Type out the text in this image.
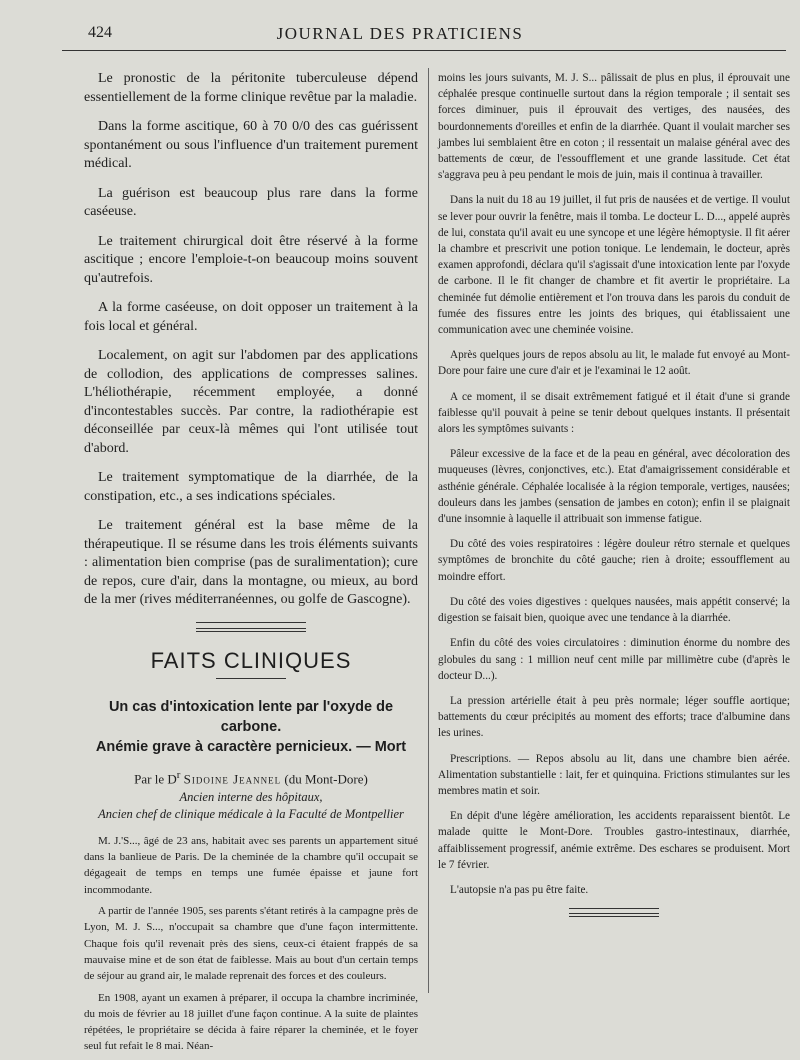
424	JOURNAL DES PRATICIENS

Le pronostic de la péritonite tuberculeuse dépend essentiellement de la forme clinique revêtue par la maladie.

Dans la forme ascitique, 60 à 70 0/0 des cas guérissent spontanément ou sous l'influence d'un traitement purement médical.

La guérison est beaucoup plus rare dans la forme caséeuse.

Le traitement chirurgical doit être réservé à la forme ascitique ; encore l'emploie-t-on beaucoup moins souvent qu'autrefois.

A la forme caséeuse, on doit opposer un traitement à la fois local et général.

Localement, on agit sur l'abdomen par des applications de collodion, des applications de compresses salines. L'héliothérapie, récemment employée, a donné d'incontestables succès. Par contre, la radiothérapie est déconseillée par ceux-là mêmes qui l'ont utilisée tout d'abord.

Le traitement symptomatique de la diarrhée, de la constipation, etc., a ses indications spéciales.

Le traitement général est la base même de la thérapeutique. Il se résume dans les trois éléments suivants : alimentation bien comprise (pas de suralimentation); cure de repos, cure d'air, dans la montagne, ou mieux, au bord de la mer (rives méditerranéennes, ou golfe de Gascogne).

FAITS CLINIQUES
Un cas d'intoxication lente par l'oxyde de carbone.
Anémie grave à caractère pernicieux. — Mort

Par le $D^r$ Sidoine Jeannel (du Mont-Dore)

Ancien interne des hôpitaux,

Ancien chef de clinique médicale à la Faculté de Montpellier

M. J.'S..., âgé de 23 ans, habitait avec ses parents un appartement situé dans la banlieue de Paris. De la cheminée de la chambre qu'il occupait se dégageait de temps en temps une fumée épaisse et jaune fort incommodante.

A partir de l'année 1905, ses parents s'étant retirés à la campagne près de Lyon, M. J. S..., n'occupait sa chambre que d'une façon intermittente. Chaque fois qu'il revenait près des siens, ceux-ci étaient frappés de sa mauvaise mine et de son état de faiblesse. Mais au bout d'un certain temps de séjour au grand air, le malade reprenait des forces et des couleurs.

En 1908, ayant un examen à préparer, il occupa la chambre incriminée, du mois de février au 18 juillet d'une façon continue. A la suite de plaintes répétées, le propriétaire se décida à faire réparer la cheminée, et le foyer seul fut refait le 8 mai. Néan-

moins les jours suivants, M. J. S... pâlissait de plus en plus, il éprouvait une céphalée presque continuelle surtout dans la région temporale ; il sentait ses forces diminuer, puis il éprouvait des vertiges, des nausées, des bourdonnements d'oreilles et enfin de la diarrhée. Quant il voulait marcher ses jambes lui semblaient être en coton ; il ressentait un malaise général avec des battements de cœur, de l'essoufflement et une grande lassitude. Cet état s'aggrava peu à peu pendant le mois de juin, mais il continua à travailler.

Dans la nuit du 18 au 19 juillet, il fut pris de nausées et de vertige. Il voulut se lever pour ouvrir la fenêtre, mais il tomba. Le docteur L. D..., appelé auprès de lui, constata qu'il avait eu une syncope et une légère hémoptysie. Il fit aérer la chambre et prescrivit une potion tonique. Le lendemain, le docteur, après examen approfondi, déclara qu'il s'agissait d'une intoxication lente par l'oxyde de carbone. Il le fit changer de chambre et fit avertir le propriétaire. La cheminée fut démolie entièrement et l'on trouva dans les parois du conduit de fumée des fissures entre les joints des briques, qui établissaient une communication avec une cheminée voisine.

Après quelques jours de repos absolu au lit, le malade fut envoyé au Mont-Dore pour faire une cure d'air et je l'examinai le 12 août.

A ce moment, il se disait extrêmement fatigué et il était d'une si grande faiblesse qu'il pouvait à peine se tenir debout quelques instants. Il présentait alors les symptômes suivants :

Pâleur excessive de la face et de la peau en général, avec décoloration des muqueuses (lèvres, conjonctives, etc.). Etat d'amaigrissement considérable et asthénie générale. Céphalée localisée à la région temporale, vertiges, nausées; douleurs dans les jambes (sensation de jambes en coton); enfin il se plaignait d'une insomnie à laquelle il attribuait son immense fatigue.

Du côté des voies respiratoires : légère douleur rétro sternale et quelques symptômes de bronchite du côté gauche; rien à droite; essoufflement au moindre effort.

Du côté des voies digestives : quelques nausées, mais appétit conservé; la digestion se faisait bien, quoique avec une tendance à la diarrhée.

Enfin du côté des voies circulatoires : diminution énorme du nombre des globules du sang : 1 million neuf cent mille par millimètre cube (d'après le docteur D...).

La pression artérielle était à peu près normale; léger souffle aortique; battements du cœur précipités au moment des efforts; trace d'albumine dans les urines.

Prescriptions. — Repos absolu au lit, dans une chambre bien aérée. Alimentation substantielle : lait, fer et quinquina. Frictions stimulantes sur les membres matin et soir.

En dépit d'une légère amélioration, les accidents reparaissent bientôt. Le malade quitte le Mont-Dore. Troubles gastro-intestinaux, diarrhée, affaiblissement progressif, anémie extrême. Des eschares se produisent. Mort le 7 février.

L'autopsie n'a pas pu être faite.
